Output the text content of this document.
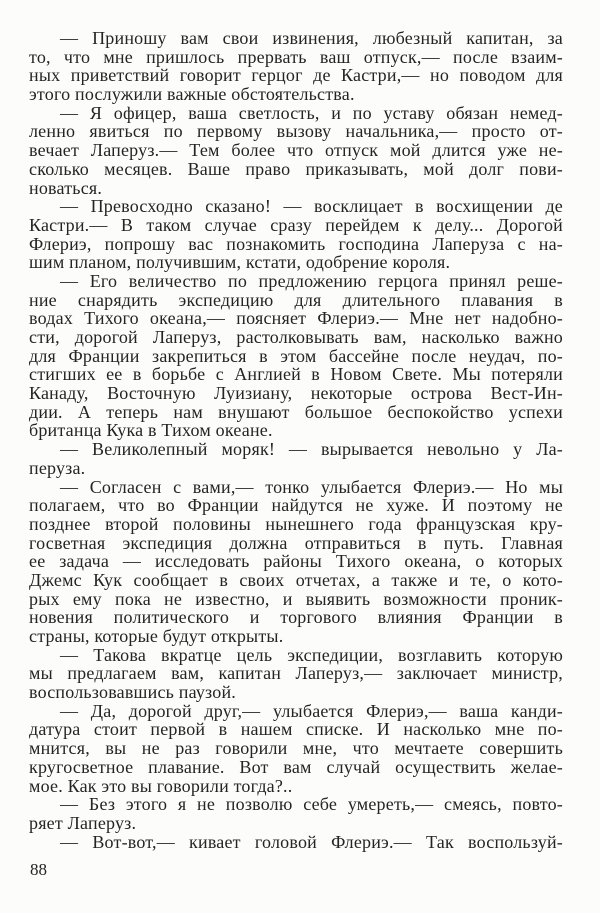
— Приношу вам свои извинения, любезный капитан, за
то, что мне пришлось прервать ваш отпуск,— после взаим-
ных приветствий говорит герцог де Кастри,— но поводом для
этого послужили важные обстоятельства.
— Я офицер, ваша светлость, и по уставу обязан немед-
ленно явиться по первому вызову начальника,— просто от-
вечает Лаперуз.— Тем более что отпуск мой длится уже не-
сколько месяцев. Ваше право приказывать, мой долг пови-
новаться.
— Превосходно сказано! — восклицает в восхищении де
Кастри.— В таком случае сразу перейдем к делу... Дорогой
Флериэ, попрошу вас познакомить господина Лаперуза с на-
шим планом, получившим, кстати, одобрение короля.
— Его величество по предложению герцога принял реше-
ние снарядить экспедицию для длительного плавания в
водах Тихого океана,— поясняет Флериэ.— Мне нет надобно-
сти, дорогой Лаперуз, растолковывать вам, насколько важно
для Франции закрепиться в этом бассейне после неудач, по-
стигших ее в борьбе с Англией в Новом Свете. Мы потеряли
Канаду, Восточную Луизиану, некоторые острова Вест-Ин-
дии. А теперь нам внушают большое беспокойство успехи
британца Кука в Тихом океане.
— Великолепный моряк! — вырывается невольно у Ла-
перуза.
— Согласен с вами,— тонко улыбается Флериэ.— Но мы
полагаем, что во Франции найдутся не хуже. И поэтому не
позднее второй половины нынешнего года французская кру-
госветная экспедиция должна отправиться в путь. Главная
ее задача — исследовать районы Тихого океана, о которых
Джемс Кук сообщает в своих отчетах, а также и те, о кото-
рых ему пока не известно, и выявить возможности проник-
новения политического и торгового влияния Франции в
страны, которые будут открыты.
— Такова вкратце цель экспедиции, возглавить которую
мы предлагаем вам, капитан Лаперуз,— заключает министр,
воспользовавшись паузой.
— Да, дорогой друг,— улыбается Флериэ,— ваша канди-
датура стоит первой в нашем списке. И насколько мне по-
мнится, вы не раз говорили мне, что мечтаете совершить
кругосветное плавание. Вот вам случай осуществить желае-
мое. Как это вы говорили тогда?..
— Без этого я не позволю себе умереть,— смеясь, повто-
ряет Лаперуз.
— Вот-вот,— кивает головой Флериэ.— Так воспользуй-
88
